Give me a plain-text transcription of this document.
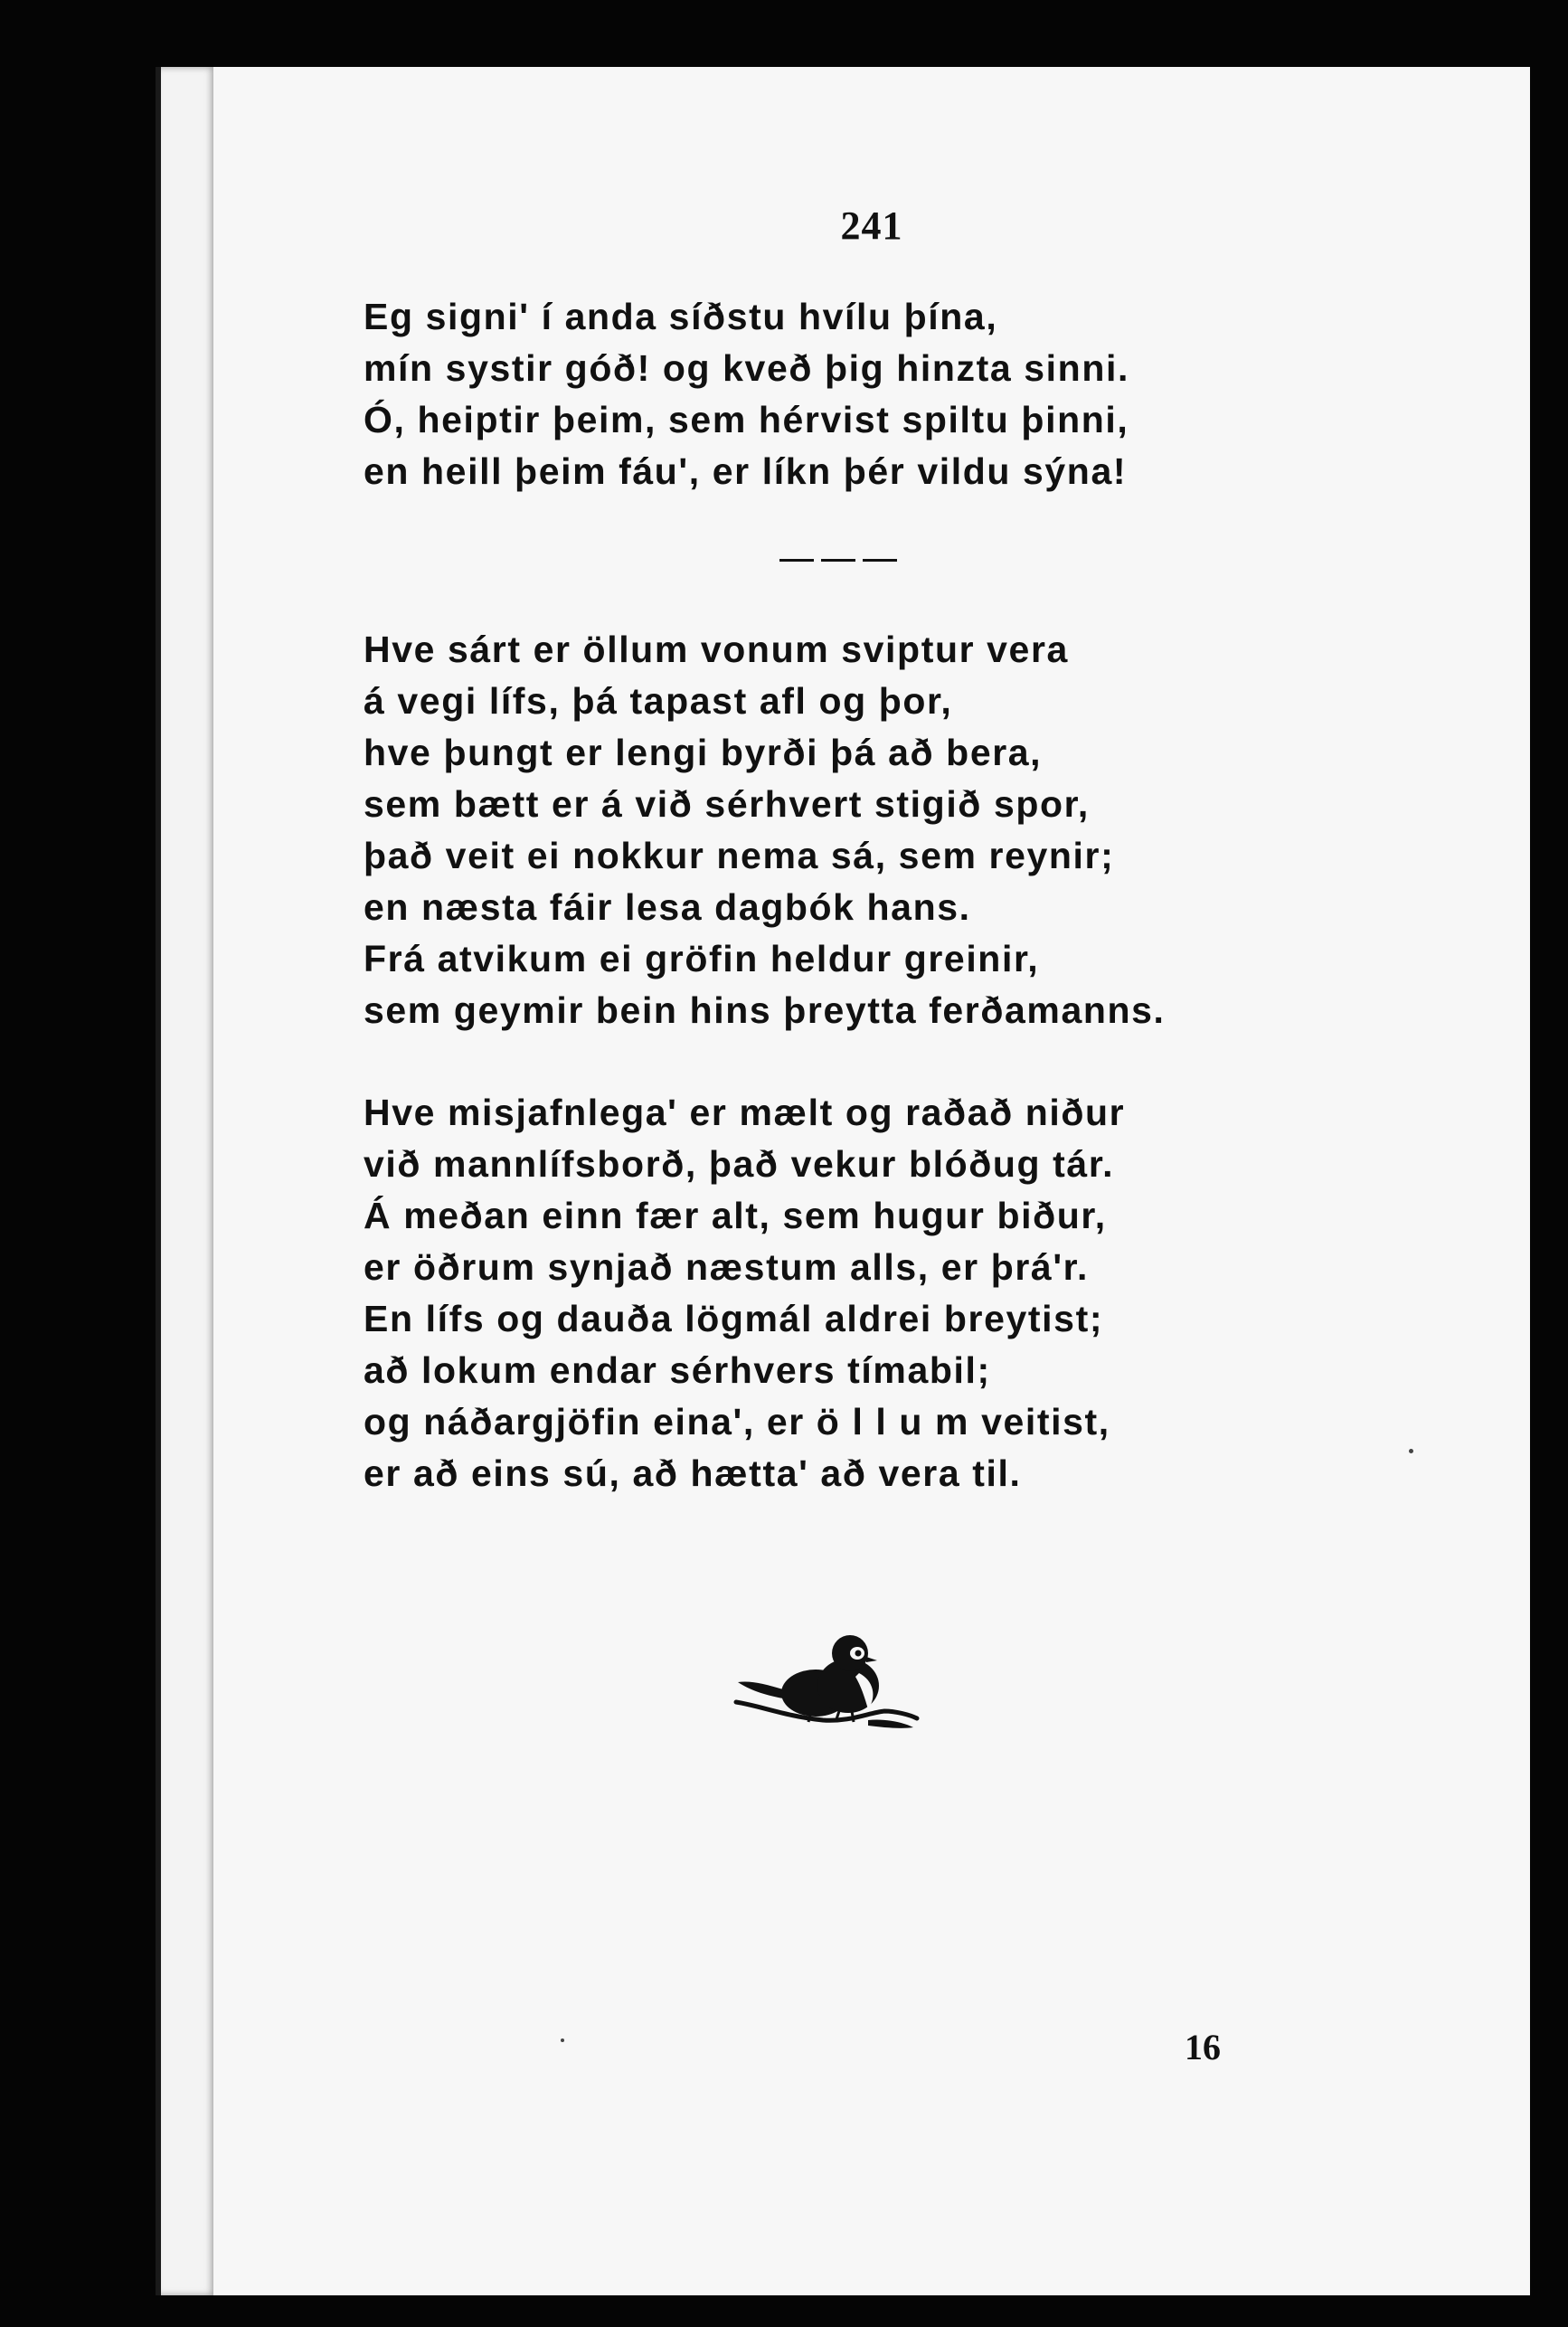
241
Eg signi' í anda síðstu hvílu þína,
mín systir góð! og kveð þig hinzta sinni.
Ó, heiptir þeim, sem hérvist spiltu þinni,
en heill þeim fáu', er líkn þér vildu sýna!
Hve sárt er öllum vonum sviptur vera
á vegi lífs, þá tapast afl og þor,
hve þungt er lengi byrði þá að bera,
sem bætt er á við sérhvert stigið spor,
það veit ei nokkur nema sá, sem reynir;
en næsta fáir lesa dagbók hans.
Frá atvikum ei gröfin heldur greinir,
sem geymir bein hins þreytta ferðamanns.
Hve misjafnlega' er mælt og raðað niður
við mannlífsborð, það vekur blóðug tár.
Á meðan einn fær alt, sem hugur biður,
er öðrum synjað næstum alls, er þrá'r.
En lífs og dauða lögmál aldrei breytist;
að lokum endar sérhvers tímabil;
og náðargjöfin eina', er ö l l u m veitist,
er að eins sú, að hætta' að vera til.
16
